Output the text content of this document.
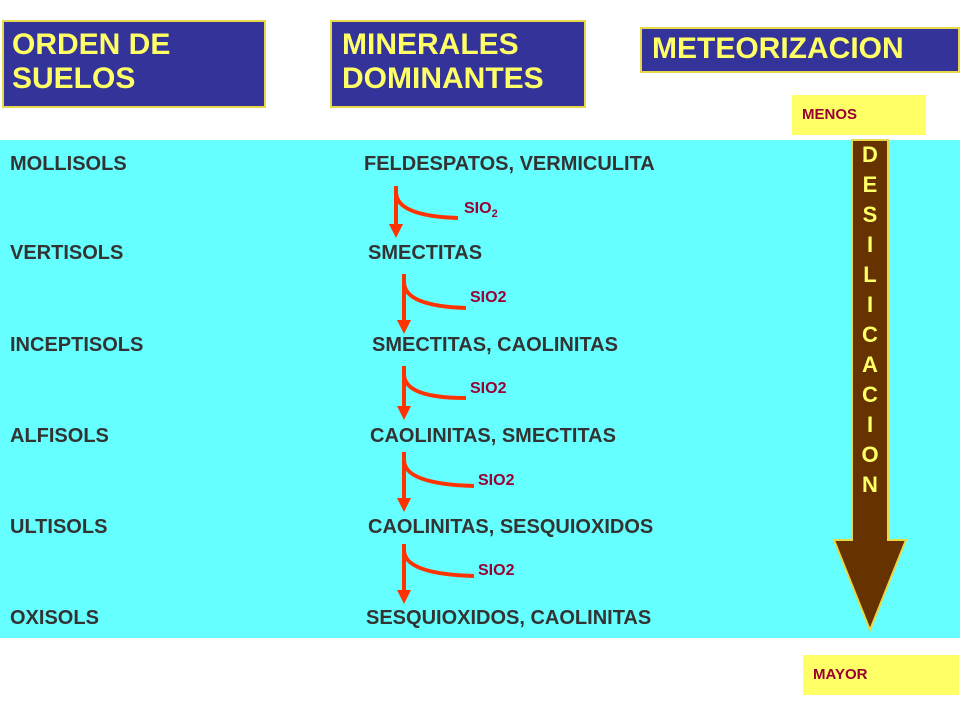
ORDEN DE
SUELOS
MINERALES
DOMINANTES
METEORIZACION
MENOS
D
E
S
I
L
I
C
A
C
I
O
N
MOLLISOLS	FELDESPATOS, VERMICULITA
$SIO_2$
VERTISOLS	SMECTITAS
SIO2
INCEPTISOLS	SMECTITAS, CAOLINITAS
SIO2
ALFISOLS	CAOLINITAS, SMECTITAS
SIO2
ULTISOLS	CAOLINITAS, SESQUIOXIDOS
SIO2
OXISOLS	SESQUIOXIDOS, CAOLINITAS
MAYOR
